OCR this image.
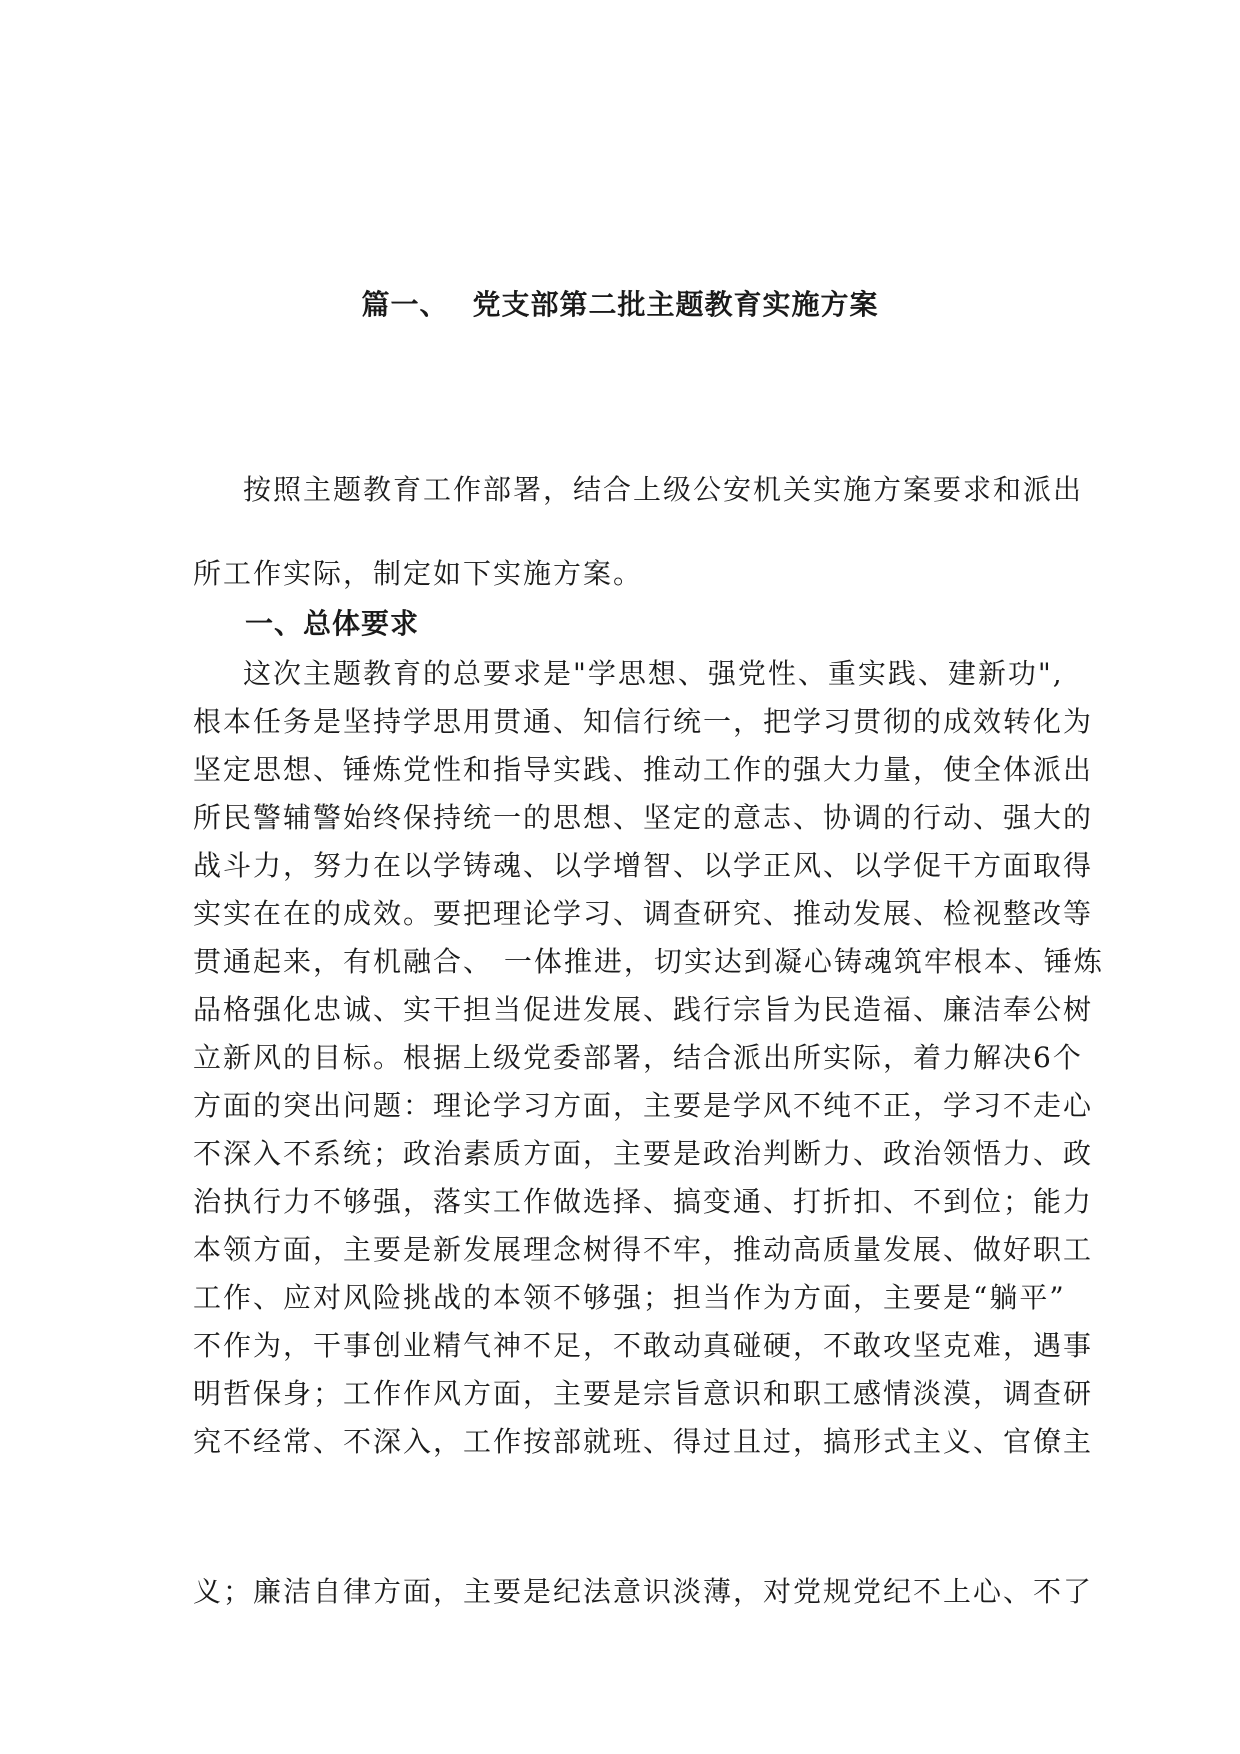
篇一、 党支部第二批主题教育实施方案
按照主题教育工作部署，结合上级公安机关实施方案要求和派出
所工作实际，制定如下实施方案。
一、总体要求
这次主题教育的总要求是"学思想、强党性、重实践、建新功",
根本任务是坚持学思用贯通、知信行统一，把学习贯彻的成效转化为
坚定思想、锤炼党性和指导实践、推动工作的强大力量，使全体派出
所民警辅警始终保持统一的思想、坚定的意志、协调的行动、强大的
战斗力，努力在以学铸魂、以学增智、以学正风、以学促干方面取得
实实在在的成效。要把理论学习、调查研究、推动发展、检视整改等
贯通起来，有机融合、 一体推进，切实达到凝心铸魂筑牢根本、锤炼
品格强化忠诚、实干担当促进发展、践行宗旨为民造福、廉洁奉公树
立新风的目标。根据上级党委部署，结合派出所实际，着力解决6个
方面的突出问题：理论学习方面，主要是学风不纯不正，学习不走心
不深入不系统；政治素质方面，主要是政治判断力、政治领悟力、政
治执行力不够强，落实工作做选择、搞变通、打折扣、不到位；能力
本领方面，主要是新发展理念树得不牢，推动高质量发展、做好职工
工作、应对风险挑战的本领不够强；担当作为方面，主要是“躺平”
不作为，干事创业精气神不足，不敢动真碰硬，不敢攻坚克难，遇事
明哲保身；工作作风方面，主要是宗旨意识和职工感情淡漠，调查研
究不经常、不深入，工作按部就班、得过且过，搞形式主义、官僚主
义；廉洁自律方面，主要是纪法意识淡薄，对党规党纪不上心、不了
